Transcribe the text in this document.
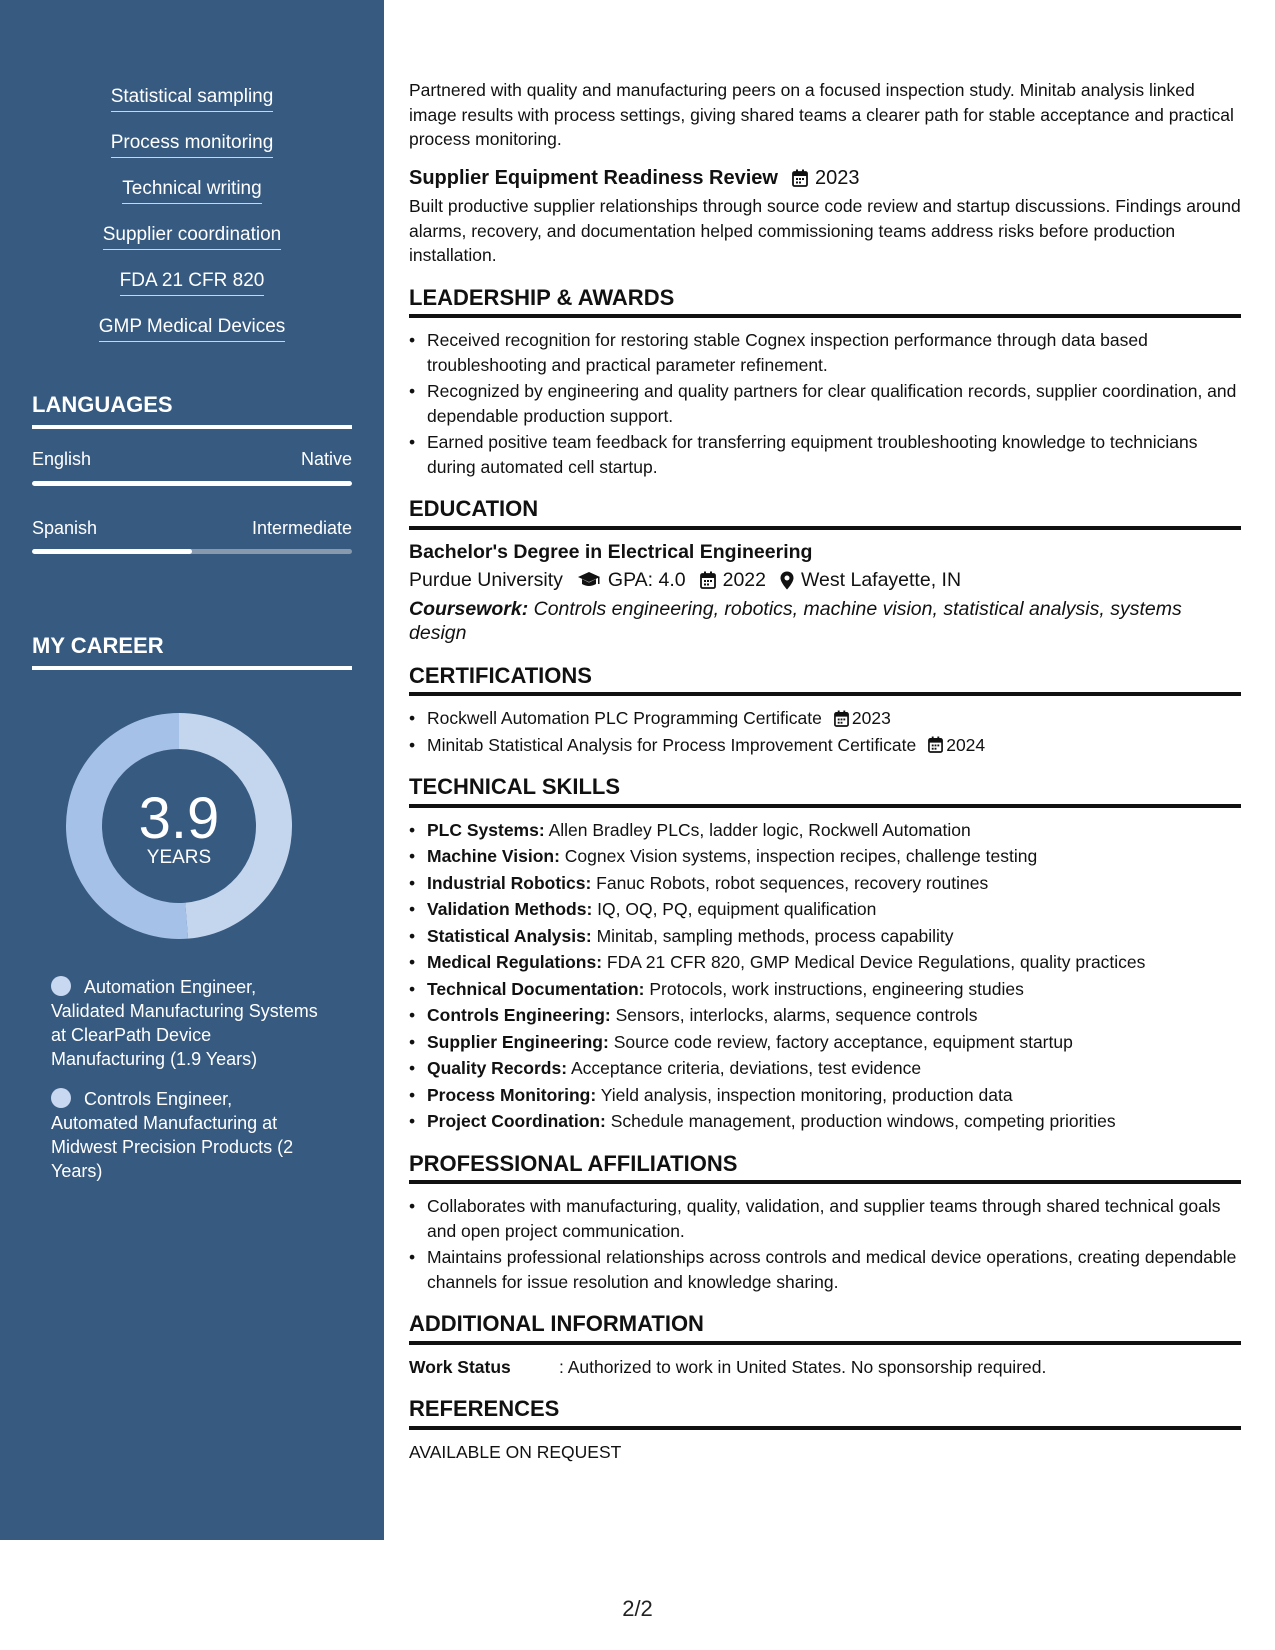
Statistical sampling
Process monitoring
Technical writing
Supplier coordination
FDA 21 CFR 820
GMP Medical Devices
LANGUAGES
English	Native
Spanish	Intermediate
MY CAREER
3.9
YEARS
Automation Engineer, Validated Manufacturing Systems at ClearPath Device Manufacturing (1.9 Years)
Controls Engineer, Automated Manufacturing at Midwest Precision Products (2 Years)

Partnered with quality and manufacturing peers on a focused inspection study. Minitab analysis linked image results with process settings, giving shared teams a clearer path for stable acceptance and practical process monitoring.

Supplier Equipment Readiness Review 2023

Built productive supplier relationships through source code review and startup discussions. Findings around alarms, recovery, and documentation helped commissioning teams address risks before production installation.

LEADERSHIP & AWARDS
• Received recognition for restoring stable Cognex inspection performance through data based troubleshooting and practical parameter refinement.
• Recognized by engineering and quality partners for clear qualification records, supplier coordination, and dependable production support.
• Earned positive team feedback for transferring equipment troubleshooting knowledge to technicians during automated cell startup.
EDUCATION
Bachelor's Degree in Electrical Engineering
Purdue University GPA: 4.0 2022 West Lafayette, IN
Coursework: Controls engineering, robotics, machine vision, statistical analysis, systems design
CERTIFICATIONS
• Rockwell Automation PLC Programming Certificate 2023
• Minitab Statistical Analysis for Process Improvement Certificate 2024
TECHNICAL SKILLS
• PLC Systems: Allen Bradley PLCs, ladder logic, Rockwell Automation
• Machine Vision: Cognex Vision systems, inspection recipes, challenge testing
• Industrial Robotics: Fanuc Robots, robot sequences, recovery routines
• Validation Methods: IQ, OQ, PQ, equipment qualification
• Statistical Analysis: Minitab, sampling methods, process capability
• Medical Regulations: FDA 21 CFR 820, GMP Medical Device Regulations, quality practices
• Technical Documentation: Protocols, work instructions, engineering studies
• Controls Engineering: Sensors, interlocks, alarms, sequence controls
• Supplier Engineering: Source code review, factory acceptance, equipment startup
• Quality Records: Acceptance criteria, deviations, test evidence
• Process Monitoring: Yield analysis, inspection monitoring, production data
• Project Coordination: Schedule management, production windows, competing priorities
PROFESSIONAL AFFILIATIONS
• Collaborates with manufacturing, quality, validation, and supplier teams through shared technical goals and open project communication.
• Maintains professional relationships across controls and medical device operations, creating dependable channels for issue resolution and knowledge sharing.
ADDITIONAL INFORMATION
Work Status	: Authorized to work in United States. No sponsorship required.
REFERENCES

AVAILABLE ON REQUEST

2/2
